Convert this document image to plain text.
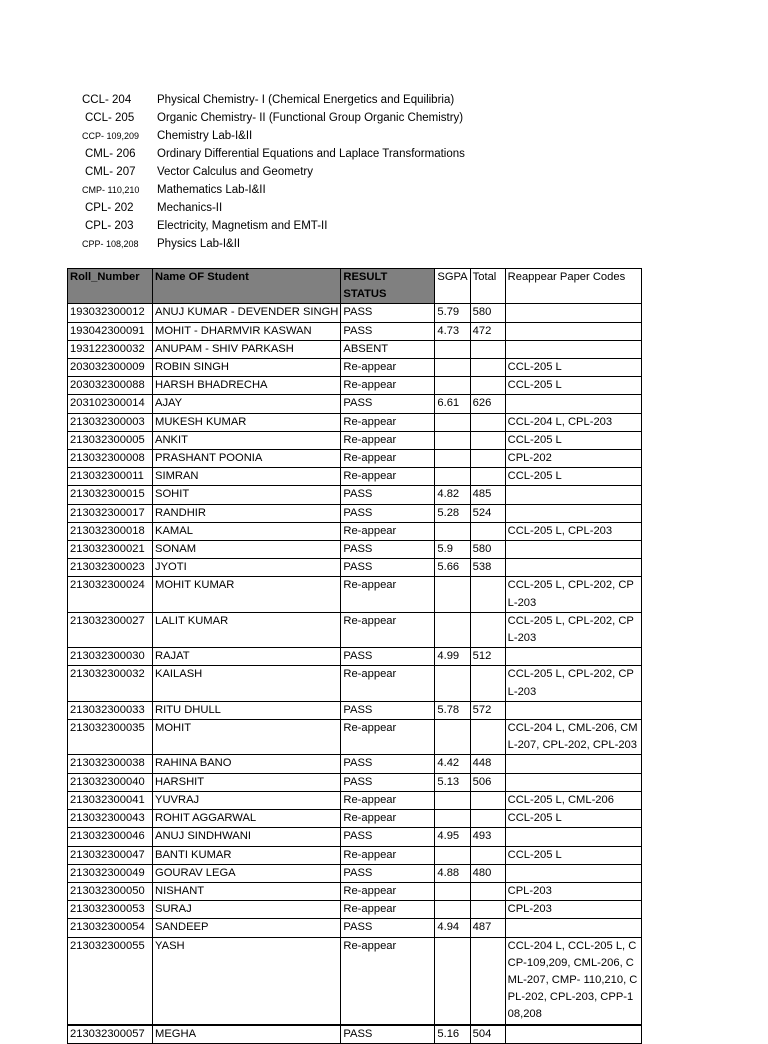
CCL- 204	Physical Chemistry- I (Chemical Energetics and Equilibria)
CCL- 205	Organic Chemistry- II (Functional Group Organic Chemistry)
CCP- 109,209	Chemistry Lab-I&II
CML- 206	Ordinary Differential Equations and Laplace Transformations
CML- 207	Vector Calculus and Geometry
CMP- 110,210	Mathematics Lab-I&II
CPL- 202	Mechanics-II
CPL- 203	Electricity, Magnetism and EMT-II
CPP- 108,208	Physics Lab-I&II
Roll_Number	Name OF Student	RESULT STATUS	SGPA	Total	Reappear Paper Codes
193032300012	ANUJ KUMAR - DEVENDER SINGH	PASS	5.79	580	
193042300091	MOHIT - DHARMVIR KASWAN	PASS	4.73	472	
193122300032	ANUPAM - SHIV PARKASH	ABSENT			
203032300009	ROBIN SINGH	Re-appear			CCL-205 L
203032300088	HARSH BHADRECHA	Re-appear			CCL-205 L
203102300014	AJAY	PASS	6.61	626	
213032300003	MUKESH KUMAR	Re-appear			CCL-204 L, CPL-203
213032300005	ANKIT	Re-appear			CCL-205 L
213032300008	PRASHANT POONIA	Re-appear			CPL-202
213032300011	SIMRAN	Re-appear			CCL-205 L
213032300015	SOHIT	PASS	4.82	485	
213032300017	RANDHIR	PASS	5.28	524	
213032300018	KAMAL	Re-appear			CCL-205 L, CPL-203
213032300021	SONAM	PASS	5.9	580	
213032300023	JYOTI	PASS	5.66	538	
213032300024	MOHIT KUMAR	Re-appear			CCL-205 L, CPL-202, CPL-203
213032300027	LALIT KUMAR	Re-appear			CCL-205 L, CPL-202, CPL-203
213032300030	RAJAT	PASS	4.99	512	
213032300032	KAILASH	Re-appear			CCL-205 L, CPL-202, CPL-203
213032300033	RITU DHULL	PASS	5.78	572	
213032300035	MOHIT	Re-appear			CCL-204 L, CML-206, CML-207, CPL-202, CPL-203
213032300038	RAHINA BANO	PASS	4.42	448	
213032300040	HARSHIT	PASS	5.13	506	
213032300041	YUVRAJ	Re-appear			CCL-205 L, CML-206
213032300043	ROHIT AGGARWAL	Re-appear			CCL-205 L
213032300046	ANUJ SINDHWANI	PASS	4.95	493	
213032300047	BANTI KUMAR	Re-appear			CCL-205 L
213032300049	GOURAV LEGA	PASS	4.88	480	
213032300050	NISHANT	Re-appear			CPL-203
213032300053	SURAJ	Re-appear			CPL-203
213032300054	SANDEEP	PASS	4.94	487	
213032300055	YASH	Re-appear			CCL-204 L, CCL-205 L, CCP-109,209, CML-206, CML-207, CMP- 110,210, CPL-202, CPL-203, CPP-108,208
213032300057	MEGHA	PASS	5.16	504	
